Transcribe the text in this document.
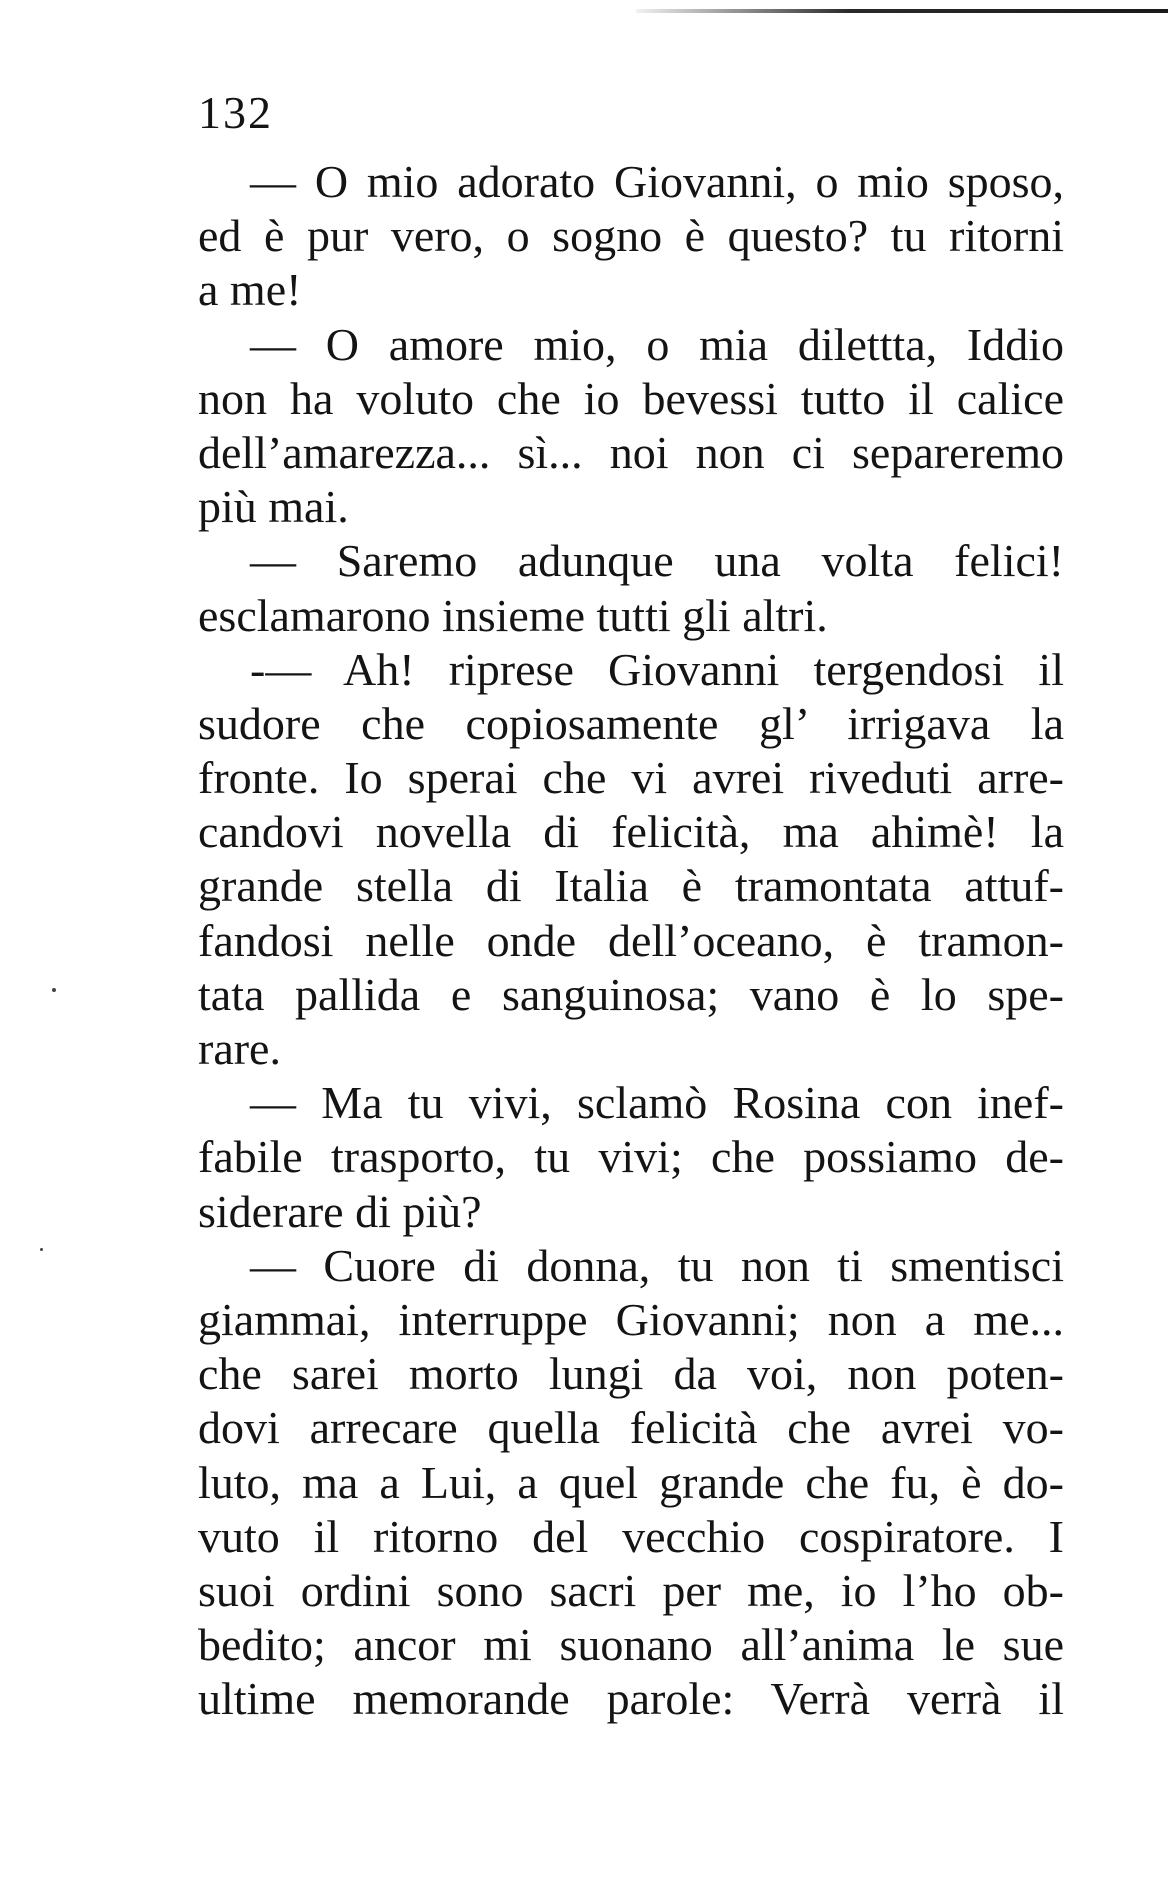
132
— O mio adorato Giovanni, o mio sposo,
ed è pur vero, o sogno è questo? tu ritorni
a me!
— O amore mio, o mia dilettta, Iddio
non ha voluto che io bevessi tutto il calice
dell’amarezza... sì... noi non ci separeremo
più mai.
— Saremo adunque una volta felici!
esclamarono insieme tutti gli altri.
-— Ah! riprese Giovanni tergendosi il
sudore che copiosamente gl’ irrigava la
fronte. Io sperai che vi avrei riveduti arre-
candovi novella di felicità, ma ahimè! la
grande stella di Italia è tramontata attuf-
fandosi nelle onde dell’oceano, è tramon-
tata pallida e sanguinosa; vano è lo spe-
rare.
— Ma tu vivi, sclamò Rosina con inef-
fabile trasporto, tu vivi; che possiamo de-
siderare di più?
— Cuore di donna, tu non ti smentisci
giammai, interruppe Giovanni; non a me...
che sarei morto lungi da voi, non poten-
dovi arrecare quella felicità che avrei vo-
luto, ma a Lui, a quel grande che fu, è do-
vuto il ritorno del vecchio cospiratore. I
suoi ordini sono sacri per me, io l’ho ob-
bedito; ancor mi suonano all’anima le sue
ultime memorande parole: Verrà verrà il
